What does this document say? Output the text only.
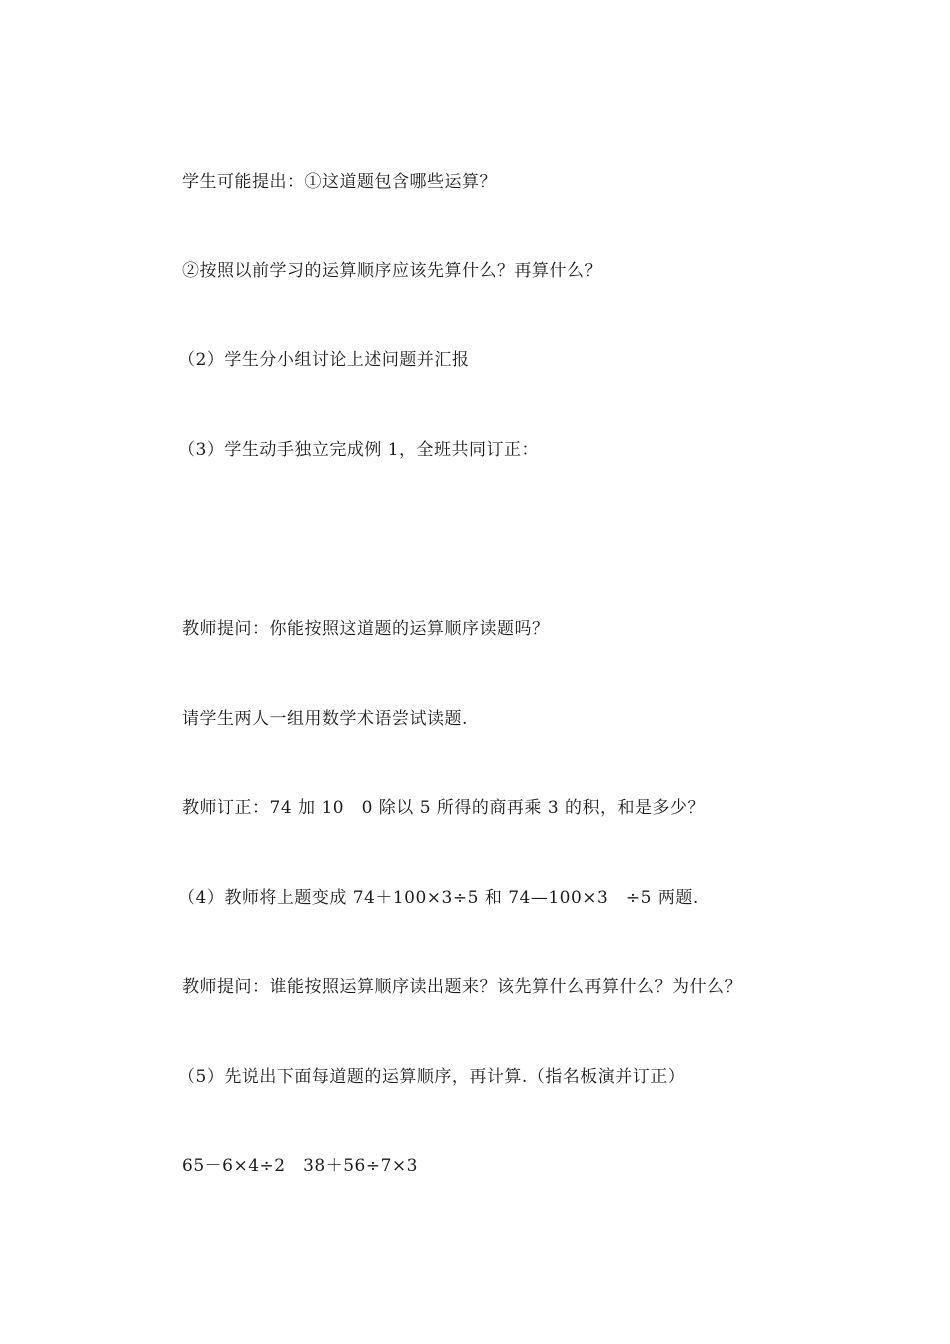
学生可能提出：①这道题包含哪些运算？
②按照以前学习的运算顺序应该先算什么？再算什么？
（2）学生分小组讨论上述问题并汇报
（3）学生动手独立完成例 1，全班共同订正：
教师提问：你能按照这道题的运算顺序读题吗？
请学生两人一组用数学术语尝试读题.
教师订正：74 加 10　0 除以 5 所得的商再乘 3 的积，和是多少？
（4）教师将上题变成 74＋100×3÷5 和 74—100×3　÷5 两题.
教师提问：谁能按照运算顺序读出题来？该先算什么再算什么？为什么？
（5）先说出下面每道题的运算顺序，再计算.（指名板演并订正）
65－6×4÷2　38＋56÷7×3
